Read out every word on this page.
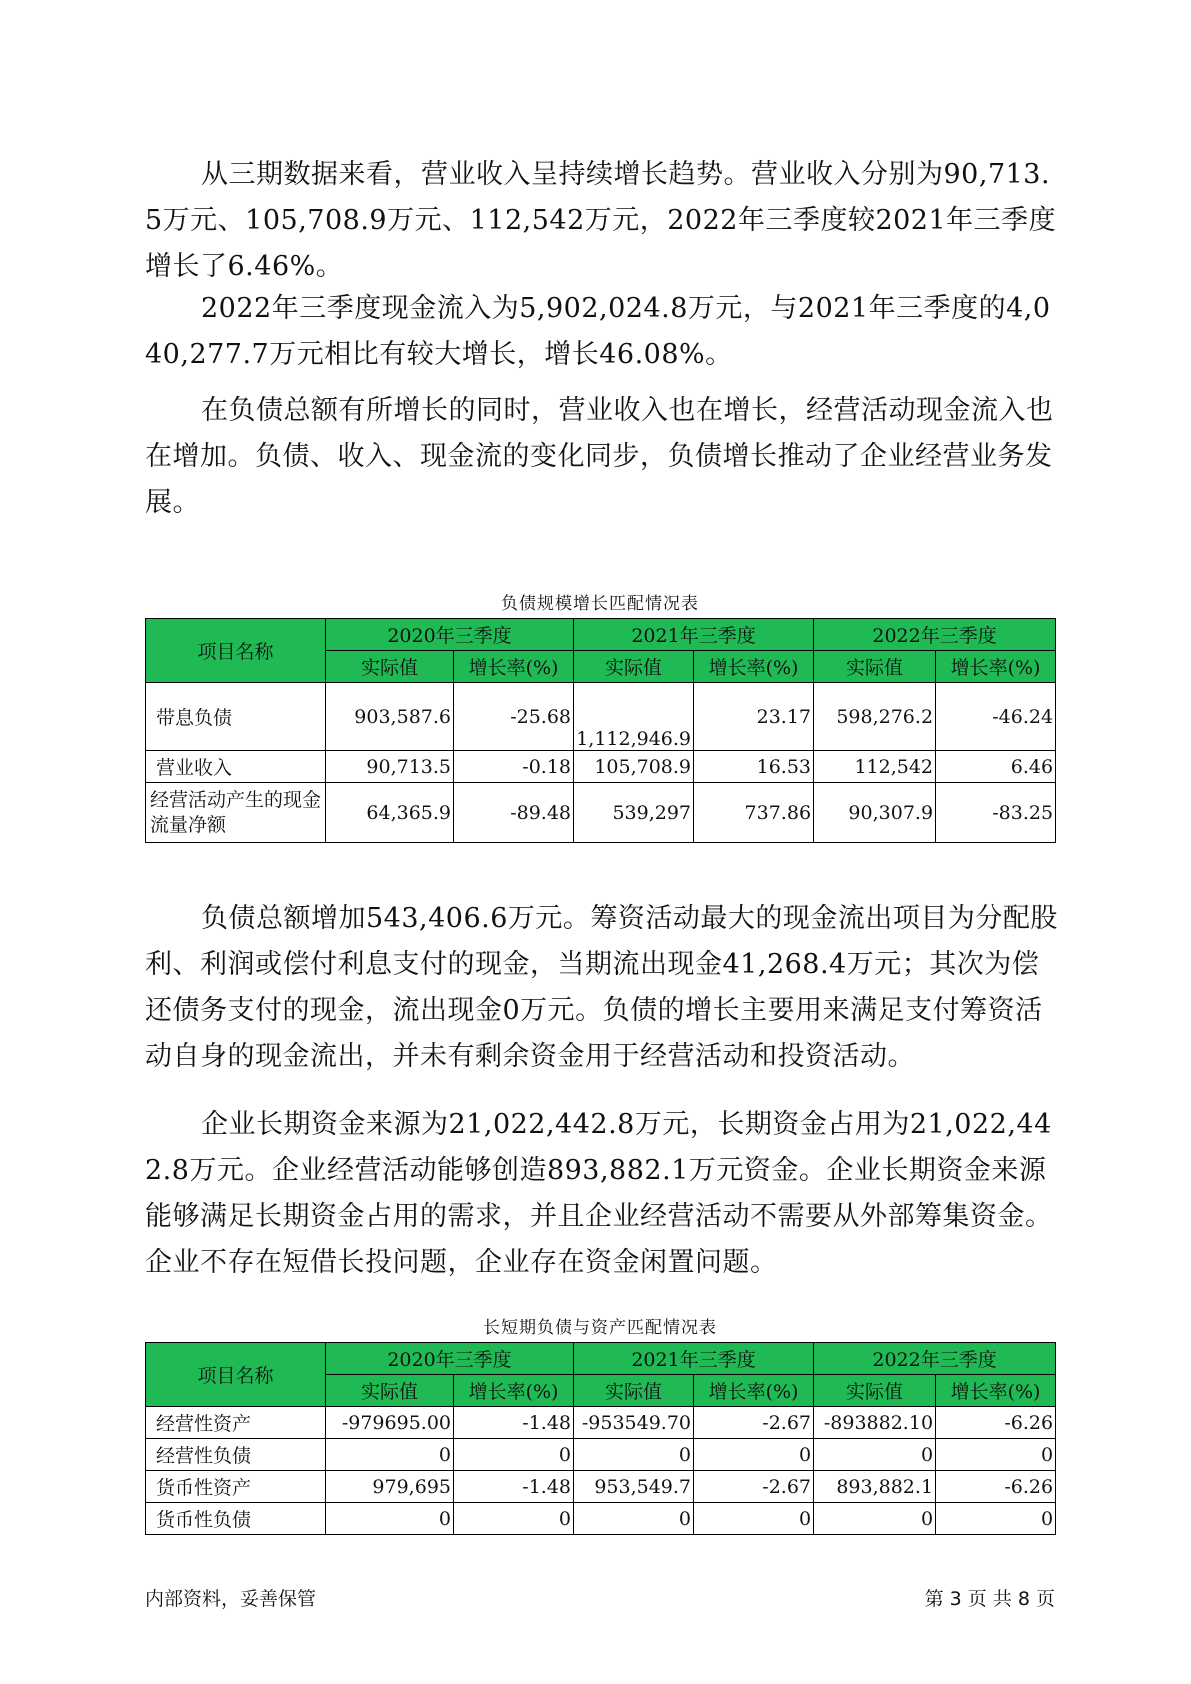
从三期数据来看，营业收入呈持续增长趋势。营业收入分别为90,713.5万元、105,708.9万元、112,542万元，2022年三季度较2021年三季度增长了6.46%。

2022年三季度现金流入为5,902,024.8万元，与2021年三季度的4,040,277.7万元相比有较大增长，增长46.08%。

在负债总额有所增长的同时，营业收入也在增长，经营活动现金流入也在增加。负债、收入、现金流的变化同步，负债增长推动了企业经营业务发展。

负债规模增长匹配情况表
项目名称	2020年三季度		2021年三季度		2022年三季度	
	实际值	增长率(%)	实际值	增长率(%)	实际值	增长率(%)
带息负债	903,587.6	-25.68	1,112,946.9	23.17	598,276.2	-46.24
营业收入	90,713.5	-0.18	105,708.9	16.53	112,542	6.46
经营活动产生的现金流量净额	64,365.9	-89.48	539,297	737.86	90,307.9	-83.25

负债总额增加543,406.6万元。筹资活动最大的现金流出项目为分配股利、利润或偿付利息支付的现金，当期流出现金41,268.4万元；其次为偿还债务支付的现金，流出现金0万元。负债的增长主要用来满足支付筹资活动自身的现金流出，并未有剩余资金用于经营活动和投资活动。

企业长期资金来源为21,022,442.8万元，长期资金占用为21,022,442.8万元。企业经营活动能够创造893,882.1万元资金。企业长期资金来源能够满足长期资金占用的需求，并且企业经营活动不需要从外部筹集资金。企业不存在短借长投问题，企业存在资金闲置问题。

长短期负债与资产匹配情况表
项目名称	2020年三季度		2021年三季度		2022年三季度	
	实际值	增长率(%)	实际值	增长率(%)	实际值	增长率(%)
经营性资产	-979695.00	-1.48	-953549.70	-2.67	-893882.10	-6.26
经营性负债	0	0	0	0	0	0
货币性资产	979,695	-1.48	953,549.7	-2.67	893,882.1	-6.26
货币性负债	0	0	0	0	0	0
内部资料，妥善保管	第 3 页 共 8 页
